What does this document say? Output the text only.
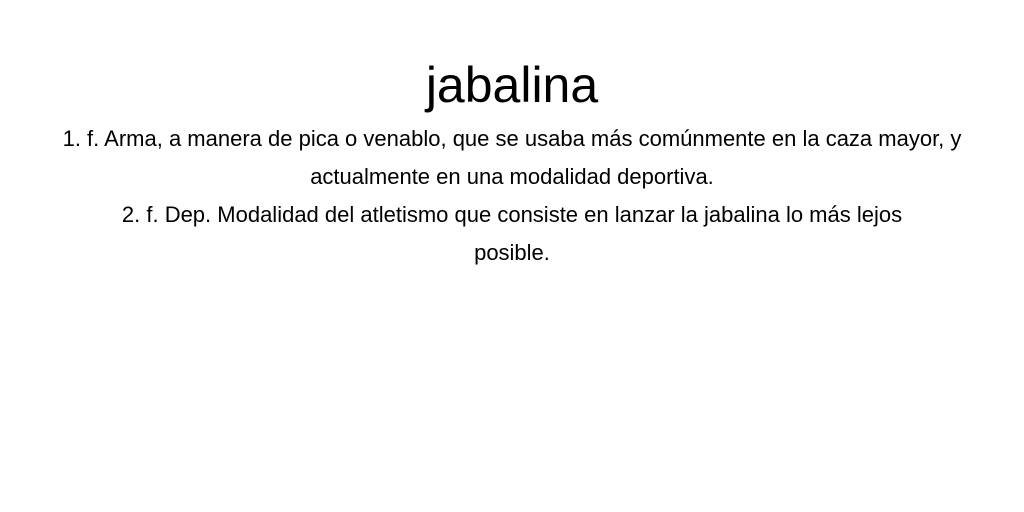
jabalina

1. f. Arma, a manera de pica o venablo, que se usaba más comúnmente en la caza mayor, y actualmente en una modalidad deportiva.

2. f. Dep. Modalidad del atletismo que consiste en lanzar la jabalina lo más lejos posible.
